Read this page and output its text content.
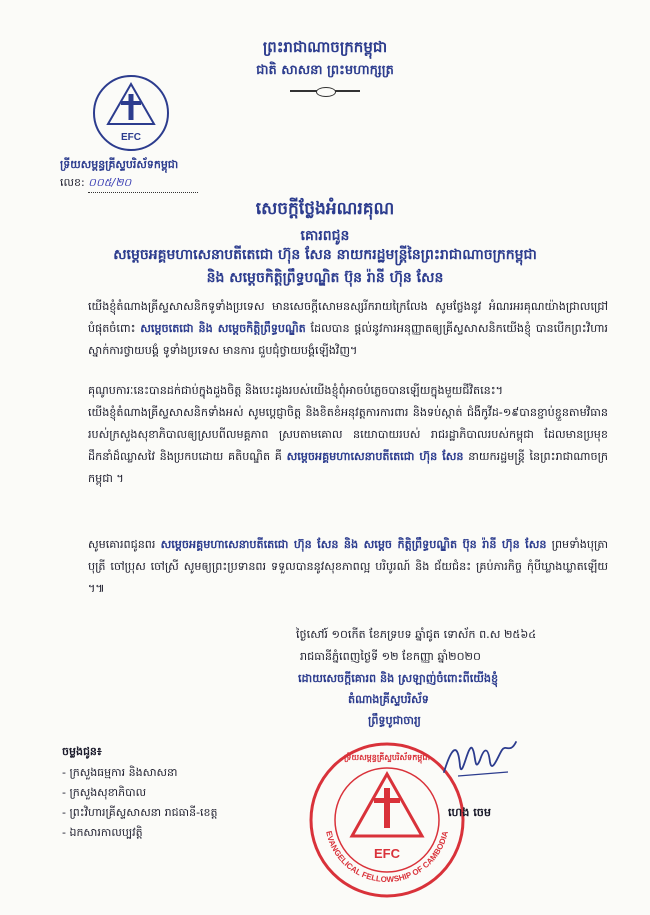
ព្រះរាជាណាចក្រកម្ពុជា
ជាតិ សាសនា ព្រះមហាក្សត្រ
EFC
ទ្រីយសម្ពន្ធគ្រីស្ទបរិស័ទកម្ពុជា
លេខ: ០០៥/២០
សេចក្តីថ្លែងអំណរគុណ
គោរពជូន
សម្តេចអគ្គមហាសេនាបតីតេជោ ហ៊ុន សែន នាយករដ្ឋមន្ត្រីនៃព្រះរាជាណាចក្រកម្ពុជា
និង សម្តេចកិត្តិព្រឹទ្ធបណ្ឌិត ប៊ុន រ៉ានី ហ៊ុន សែន
យើងខ្ញុំតំណាងគ្រីស្ទសាសនិកទូទាំងប្រទេស មានសេចក្តីសោមនស្សរីករាយក្រៃលែង សូមថ្លែងនូវ អំណរអរគុណយ៉ាងជ្រាលជ្រៅបំផុតចំពោះ សម្តេចតេជោ និង សម្តេចកិត្តិព្រឹទ្ធបណ្ឌិត ដែលបាន ផ្តល់នូវការអនុញ្ញាតឲ្យគ្រីស្ទសាសនិកយើងខ្ញុំ បានបើកព្រះវិហារ ស្នាក់ការថ្វាយបង្គំ ទូទាំងប្រទេស មានការ ជួបជុំថ្វាយបង្គំឡើងវិញ។
គុណូបការៈនេះបានដក់ជាប់ក្នុងដួងចិត្ត និងបេះដូងរបស់យើងខ្ញុំពុំអាចបំភ្លេចបានឡើយក្នុងមួយជីវិតនេះ។
យើងខ្ញុំតំណាងគ្រីស្ទសាសនិកទាំងអស់ សូមប្តេជ្ញាចិត្ត និងខិតខំអនុវត្តការការពារ និងទប់ស្កាត់ ជំងឺកូវីដ-១៩បានខ្ជាប់ខ្ជួនតាមវិធានរបស់ក្រសួងសុខាភិបាលឲ្យស្របពីលមគ្គភាព ស្របតាមគោល នយោបាយរបស់ រាជរដ្ឋាភិបាលរបស់កម្ពុជា ដែលមានប្រមុខ ដឹកនាំដ៏ឈ្លាសវៃ និងប្រកបដោយ គតិបណ្ឌិត គឺ សម្តេចអគ្គមហាសេនាបតីតេជោ ហ៊ុន សែន នាយករដ្ឋមន្ត្រី នៃព្រះរាជាណាចក្រកម្ពុជា ។
សូមគោរពជូនពរ សម្តេចអគ្គមហាសេនាបតីតេជោ ហ៊ុន សែន និង សម្តេច កិត្តិព្រឹទ្ធបណ្ឌិត ប៊ុន រ៉ានី ហ៊ុន សែន ព្រមទាំងបុត្រាបុត្រី ចៅប្រុស ចៅស្រី សូមឲ្យព្រះប្រទានពរ ទទួលបាននូវសុខភាពល្អ បរិបូរណ៍ និង ជ័យជំនះ គ្រប់ភារកិច្ច កុំបីឃ្លាងឃ្លាតឡើយ ។៕
ថ្ងៃសៅរ៍ ១០កើត ខែភទ្របទ ឆ្នាំជូត ទោស័ក ព.ស ២៥៦៤
រាជធានីភ្នំពេញថ្ងៃទី ១២ ខែកញ្ញា ឆ្នាំ២០២០
ដោយសេចក្តីគោរព និង ស្រឡាញ់ចំពោះពីយើងខ្ញុំ
តំណាងគ្រីស្ទបរិស័ទ
ព្រឹទ្ធបូជាចារ្យ
ចម្លងជូន៖
- ក្រសួងធម្មការ និងសាសនា
- ក្រសួងសុខាភិបាល
- ព្រះវិហារគ្រីស្ទសាសនា រាជធានី-ខេត្ត
- ឯកសារកាលប្បវត្តិ
EFC
EVANGELICAL FELLOWSHIP OF CAMBODIA
ទ្រីយសម្ពន្ធគ្រីស្ទបរិស័ទកម្ពុជា
ហេង ចេម
